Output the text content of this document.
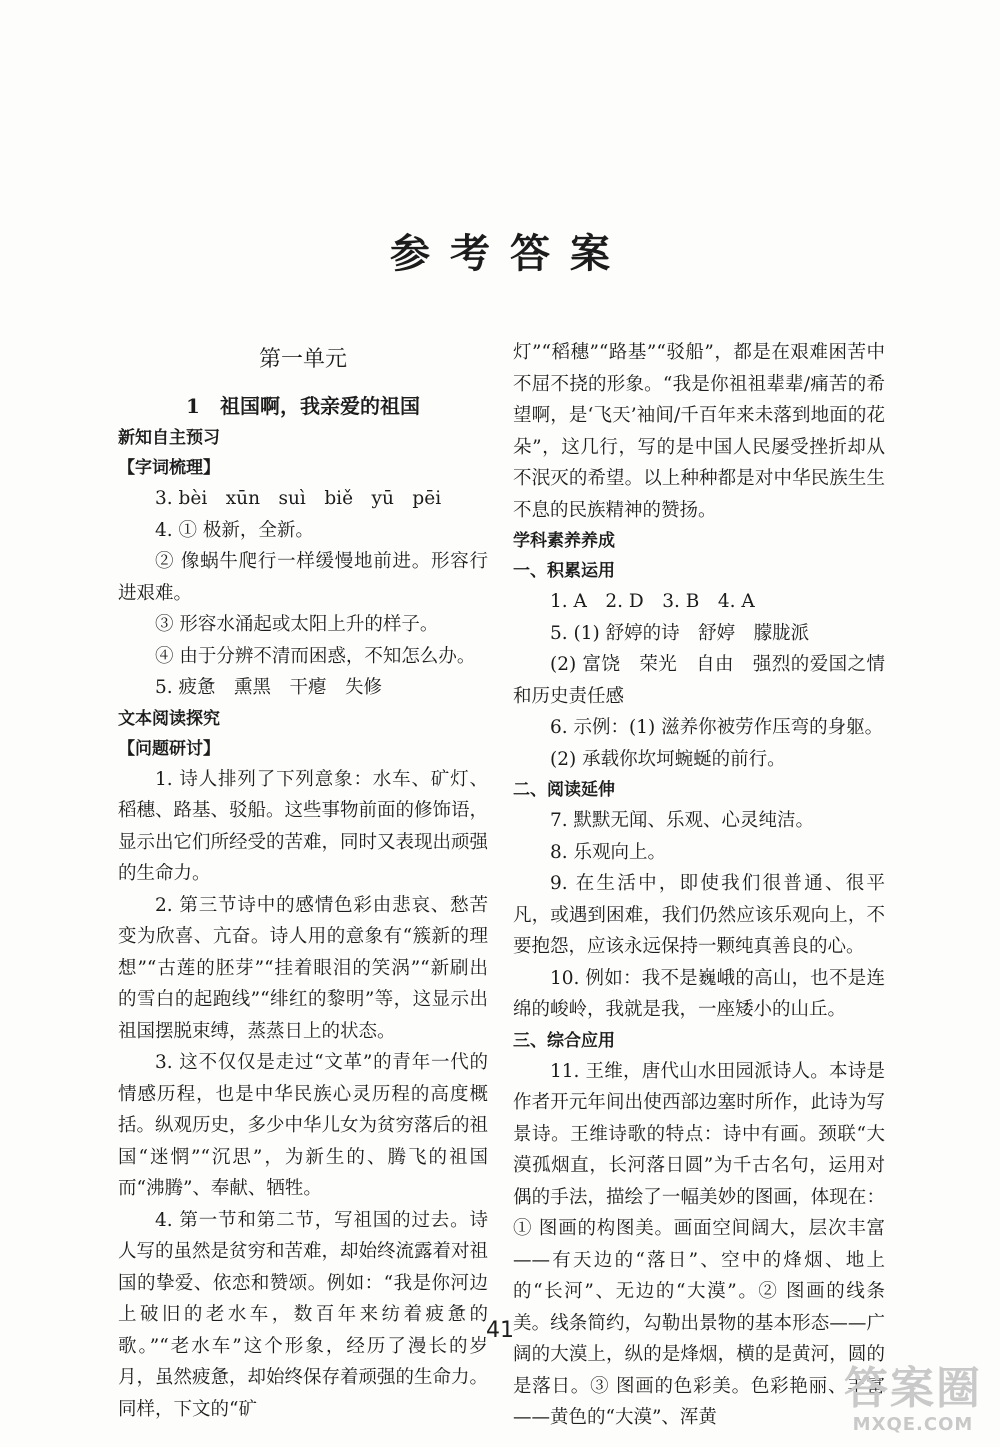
参考答案
第一单元
1　祖国啊，我亲爱的祖国
新知自主预习
【字词梳理】

3. bèi　xūn　suì　biě　yū　pēi

4. ① 极新，全新。

② 像蜗牛爬行一样缓慢地前进。形容行进艰难。

③ 形容水涌起或太阳上升的样子。

④ 由于分辨不清而困惑，不知怎么办。

5. 疲惫　熏黑　干瘪　失修

文本阅读探究
【问题研讨】

1. 诗人排列了下列意象：水车、矿灯、稻穗、路基、驳船。这些事物前面的修饰语，显示出它们所经受的苦难，同时又表现出顽强的生命力。

2. 第三节诗中的感情色彩由悲哀、愁苦变为欣喜、亢奋。诗人用的意象有“簇新的理想”“古莲的胚芽”“挂着眼泪的笑涡”“新刷出的雪白的起跑线”“绯红的黎明”等，这显示出祖国摆脱束缚，蒸蒸日上的状态。

3. 这不仅仅是走过“文革”的青年一代的情感历程，也是中华民族心灵历程的高度概括。纵观历史，多少中华儿女为贫穷落后的祖国“迷惘”“沉思”，为新生的、腾飞的祖国而“沸腾”、奉献、牺牲。

4. 第一节和第二节，写祖国的过去。诗人写的虽然是贫穷和苦难，却始终流露着对祖国的挚爱、依恋和赞颂。例如：“我是你河边上破旧的老水车，数百年来纺着疲惫的歌。”“老水车”这个形象，经历了漫长的岁月，虽然疲惫，却始终保存着顽强的生命力。同样，下文的“矿

灯”“稻穗”“路基”“驳船”，都是在艰难困苦中不屈不挠的形象。“我是你祖祖辈辈/痛苦的希望啊，是‘飞天’袖间/千百年来未落到地面的花朵”，这几行，写的是中国人民屡受挫折却从不泯灭的希望。以上种种都是对中华民族生生不息的民族精神的赞扬。

学科素养养成
一、积累运用

1. A　2. D　3. B　4. A

5. (1) 舒婷的诗　舒婷　朦胧派

(2) 富饶　荣光　自由　强烈的爱国之情和历史责任感

6. 示例：(1) 滋养你被劳作压弯的身躯。

(2) 承载你坎坷蜿蜒的前行。

二、阅读延伸

7. 默默无闻、乐观、心灵纯洁。

8. 乐观向上。

9. 在生活中，即使我们很普通、很平凡，或遇到困难，我们仍然应该乐观向上，不要抱怨，应该永远保持一颗纯真善良的心。

10. 例如：我不是巍峨的高山，也不是连绵的峻岭，我就是我，一座矮小的山丘。

三、综合应用

11. 王维，唐代山水田园派诗人。本诗是作者开元年间出使西部边塞时所作，此诗为写景诗。王维诗歌的特点：诗中有画。颈联“大漠孤烟直，长河落日圆”为千古名句，运用对偶的手法，描绘了一幅美妙的图画，体现在：① 图画的构图美。画面空间阔大，层次丰富——有天边的“落日”、空中的烽烟、地上的“长河”、无边的“大漠”。② 图画的线条美。线条简约，勾勒出景物的基本形态——广阔的大漠上，纵的是烽烟，横的是黄河，圆的是落日。③ 图画的色彩美。色彩艳丽、丰富——黄色的“大漠”、浑黄

41
答案圈
MXQE.COM
